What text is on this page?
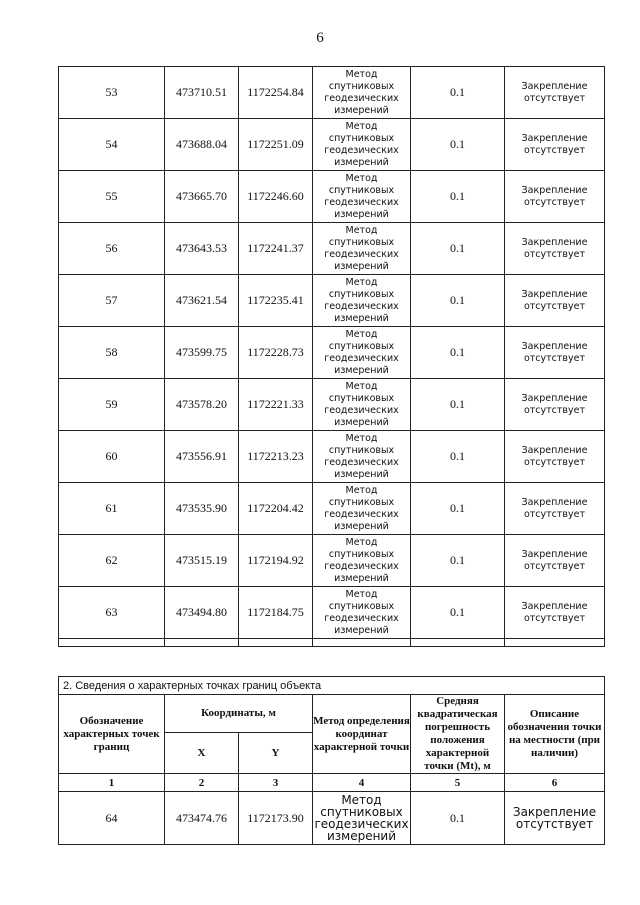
6
53	473710.51	1172254.84	Метод спутниковых геодезических измерений	0.1	Закрепление отсутствует
54	473688.04	1172251.09	Метод спутниковых геодезических измерений	0.1	Закрепление отсутствует
55	473665.70	1172246.60	Метод спутниковых геодезических измерений	0.1	Закрепление отсутствует
56	473643.53	1172241.37	Метод спутниковых геодезических измерений	0.1	Закрепление отсутствует
57	473621.54	1172235.41	Метод спутниковых геодезических измерений	0.1	Закрепление отсутствует
58	473599.75	1172228.73	Метод спутниковых геодезических измерений	0.1	Закрепление отсутствует
59	473578.20	1172221.33	Метод спутниковых геодезических измерений	0.1	Закрепление отсутствует
60	473556.91	1172213.23	Метод спутниковых геодезических измерений	0.1	Закрепление отсутствует
61	473535.90	1172204.42	Метод спутниковых геодезических измерений	0.1	Закрепление отсутствует
62	473515.19	1172194.92	Метод спутниковых геодезических измерений	0.1	Закрепление отсутствует
63	473494.80	1172184.75	Метод спутниковых геодезических измерений	0.1	Закрепление отсутствует

2. Сведения о характерных точках границ объекта					
Обозначение характерных точек границ	Координаты, м		Метод определения координат характерной точки	Средняя квадратическая погрешность положения характерной точки (Mt), м	Описание обозначения точки на местности (при наличии)
	X	Y			
1	2	3	4	5	6
64	473474.76	1172173.90	Метод спутниковых геодезических измерений	0.1	Закрепление отсутствует
